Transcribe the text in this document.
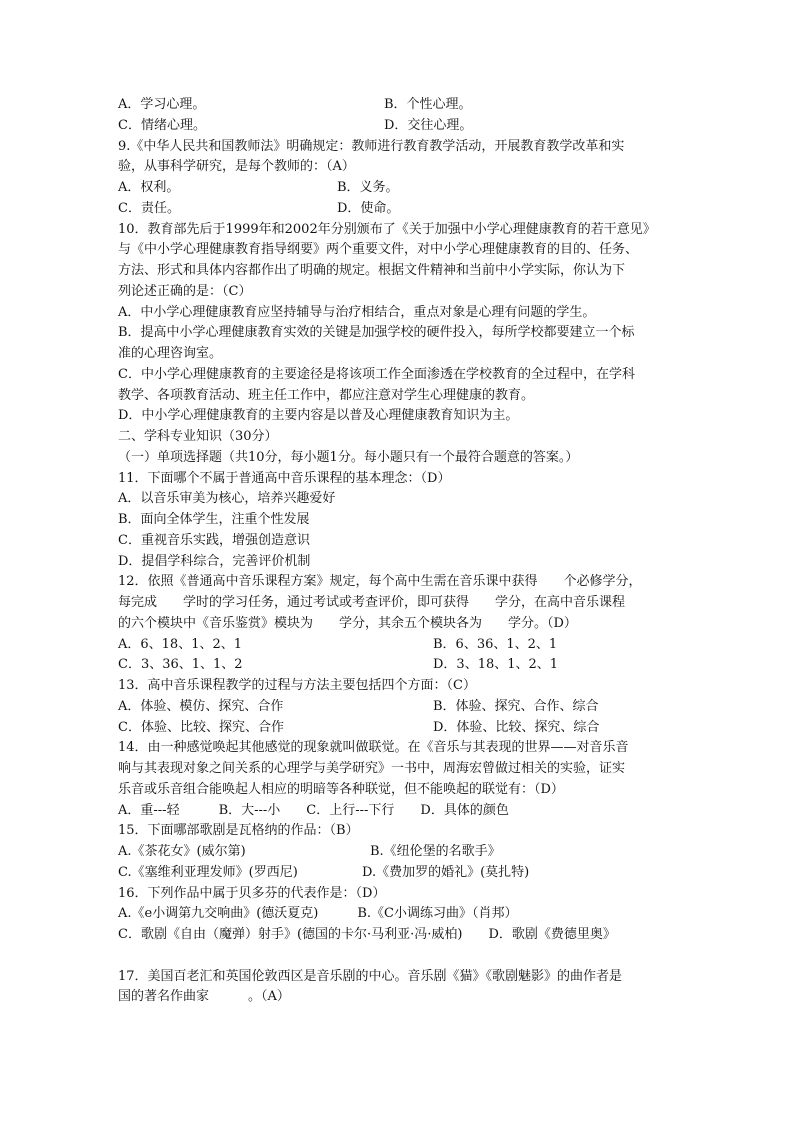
A．学习心理。	B．个性心理。
C．情绪心理。	D．交往心理。
9.《中华人民共和国教师法》明确规定：教师进行教育教学活动，开展教育教学改革和实
验，从事科学研究，是每个教师的：（A）
A．权利。	B．义务。
C．责任。	D．使命。
10．教育部先后于1999年和2002年分别颁布了《关于加强中小学心理健康教育的若干意见》
与《中小学心理健康教育指导纲要》两个重要文件，对中小学心理健康教育的目的、任务、
方法、形式和具体内容都作出了明确的规定。根据文件精神和当前中小学实际，你认为下
列论述正确的是：（C）
A．中小学心理健康教育应坚持辅导与治疗相结合，重点对象是心理有问题的学生。
B．提高中小学心理健康教育实效的关键是加强学校的硬件投入，每所学校都要建立一个标
准的心理咨询室。
C．中小学心理健康教育的主要途径是将该项工作全面渗透在学校教育的全过程中，在学科
教学、各项教育活动、班主任工作中，都应注意对学生心理健康的教育。
D．中小学心理健康教育的主要内容是以普及心理健康教育知识为主。
二、学科专业知识（30分）
（一）单项选择题（共10分，每小题1分。每小题只有一个最符合题意的答案。）
11．下面哪个不属于普通高中音乐课程的基本理念：（D）
A．以音乐审美为核心，培养兴趣爱好
B．面向全体学生，注重个性发展
C．重视音乐实践，增强创造意识
D．提倡学科综合，完善评价机制
12．依照《普通高中音乐课程方案》规定，每个高中生需在音乐课中获得　　个必修学分，
每完成　　学时的学习任务，通过考试或考查评价，即可获得　　学分，在高中音乐课程
的六个模块中《音乐鉴赏》模块为　　学分，其余五个模块各为　　学分。（D）
A．6、18、1、2、1	B．6、36、1、2、1
C．3、36、1、1、2	D．3、18、1、2、1
13．高中音乐课程教学的过程与方法主要包括四个方面：（C）
A．体验、模仿、探究、合作	B．体验、探究、合作、综合
C．体验、比较、探究、合作	D．体验、比较、探究、综合
14．由一种感觉唤起其他感觉的现象就叫做联觉。在《音乐与其表现的世界——对音乐音
响与其表现对象之间关系的心理学与美学研究》一书中，周海宏曾做过相关的实验，证实
乐音或乐音组合能唤起人相应的明暗等各种联觉，但不能唤起的联觉有：（D）
A．重---轻　　　B．大---小　　C．上行---下行　　D．具体的颜色
15．下面哪部歌剧是瓦格纳的作品：（B）
A.《茶花女》(威尔第)	B.《纽伦堡的名歌手》
C.《塞维利亚理发师》(罗西尼)	D.《费加罗的婚礼》(莫扎特)
16．下列作品中属于贝多芬的代表作是：（D）
A.《e小调第九交响曲》(德沃夏克)　　　B.《C小调练习曲》（肖邦）
C．歌剧《自由（魔弹）射手》(德国的卡尔·马利亚·冯·威柏)　　D．歌剧《费德里奥》
17．美国百老汇和英国伦敦西区是音乐剧的中心。音乐剧《猫》《歌剧魅影》的曲作者是
国的著名作曲家　　　。（A）
